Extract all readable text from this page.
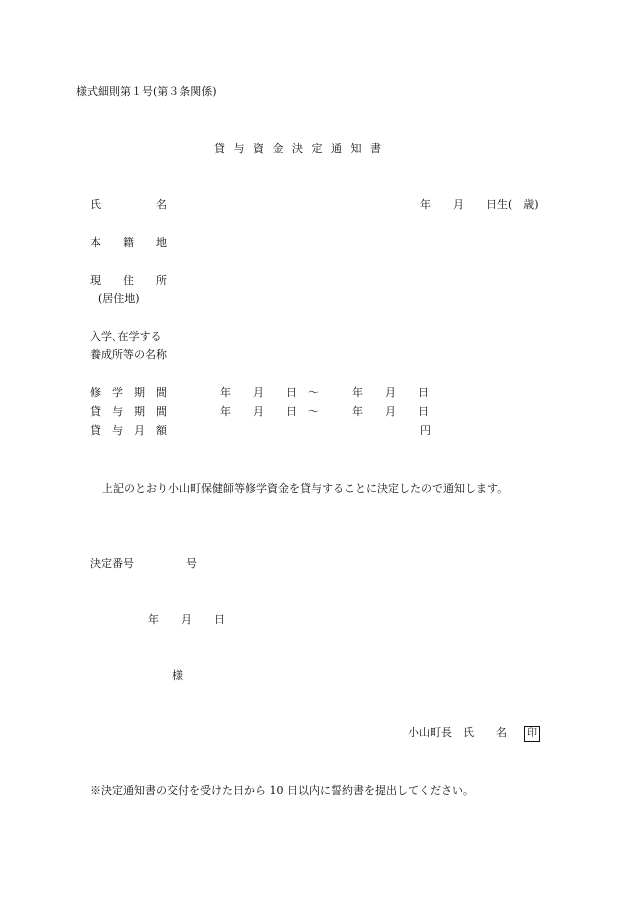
様式細則第１号(第３条関係)
貸 与 資 金 決 定 通 知 書
氏　　　　　名	年　　月　　日生(　歳)
本　　籍　　地
現　　住　　所
(居住地)
入学､在学する
養成所等の名称
修　学　期　間	年　　月　　日　～　　　年　　月　　日
貸　与　期　間	年　　月　　日　～　　　年　　月　　日
貸　与　月　額	円
上記のとおり小山町保健師等修学資金を貸与することに決定したので通知します。
決定番号	号
年　　月　　日
様
小山町長　氏　　名	印
※決定通知書の交付を受けた日から 10 日以内に誓約書を提出してください。
